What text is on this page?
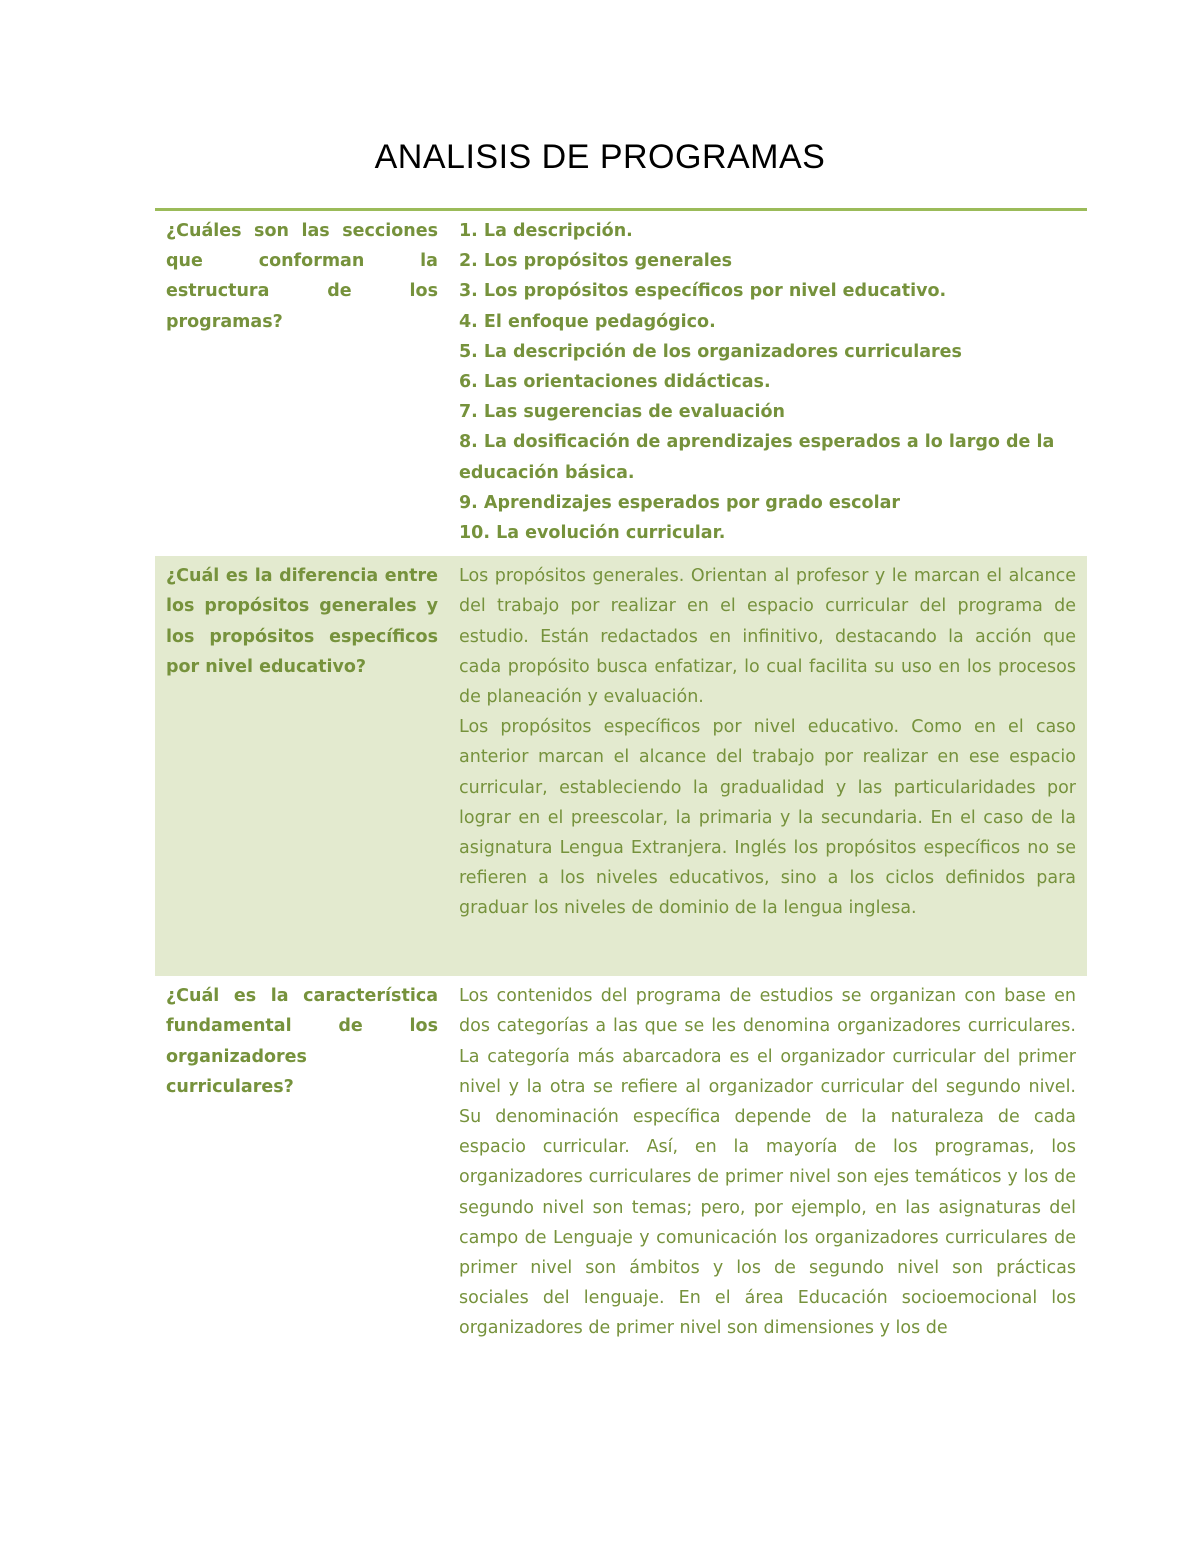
ANALISIS DE PROGRAMAS
¿Cuáles son las secciones que conforman la estructura de los programas?
1. La descripción.
2. Los propósitos generales
3. Los propósitos específicos por nivel educativo.
4. El enfoque pedagógico.
5. La descripción de los organizadores curriculares
6. Las orientaciones didácticas.
7. Las sugerencias de evaluación
8. La dosificación de aprendizajes esperados a lo largo de la educación básica.
9. Aprendizajes esperados por grado escolar
10. La evolución curricular.
¿Cuál es la diferencia entre los propósitos generales y los propósitos específicos por nivel educativo?

Los propósitos generales. Orientan al profesor y le marcan el alcance del trabajo por realizar en el espacio curricular del programa de estudio. Están redactados en infinitivo, destacando la acción que cada propósito busca enfatizar, lo cual facilita su uso en los procesos de planeación y evaluación.

Los propósitos específicos por nivel educativo. Como en el caso anterior marcan el alcance del trabajo por realizar en ese espacio curricular, estableciendo la gradualidad y las particularidades por lograr en el preescolar, la primaria y la secundaria. En el caso de la asignatura Lengua Extranjera. Inglés los propósitos específicos no se refieren a los niveles educativos, sino a los ciclos definidos para graduar los niveles de dominio de la lengua inglesa.

¿Cuál es la característica fundamental de los organizadores curriculares?

Los contenidos del programa de estudios se organizan con base en dos categorías a las que se les denomina organizadores curriculares. La categoría más abarcadora es el organizador curricular del primer nivel y la otra se refiere al organizador curricular del segundo nivel. Su denominación específica depende de la naturaleza de cada espacio curricular. Así, en la mayoría de los programas, los organizadores curriculares de primer nivel son ejes temáticos y los de segundo nivel son temas; pero, por ejemplo, en las asignaturas del campo de Lenguaje y comunicación los organizadores curriculares de primer nivel son ámbitos y los de segundo nivel son prácticas sociales del lenguaje. En el área Educación socioemocional los organizadores de primer nivel son dimensiones y los de
